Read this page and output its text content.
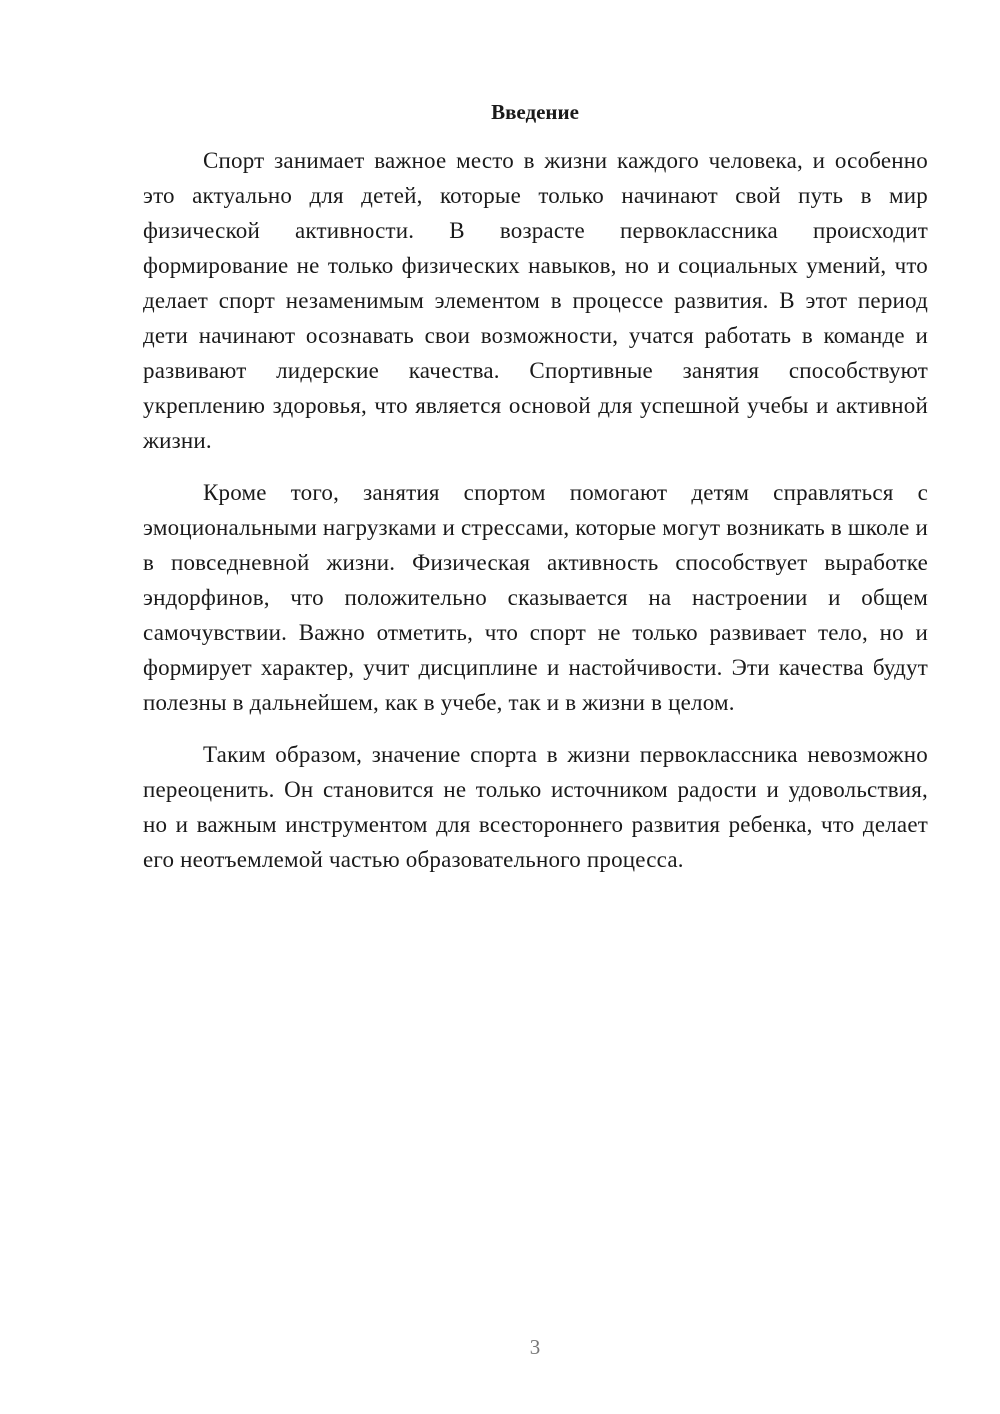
Введение

Спорт занимает важное место в жизни каждого человека, и особенно это актуально для детей, которые только начинают свой путь в мир физической активности. В возрасте первоклассника происходит формирование не только физических навыков, но и социальных умений, что делает спорт незаменимым элементом в процессе развития. В этот период дети начинают осознавать свои возможности, учатся работать в команде и развивают лидерские качества. Спортивные занятия способствуют укреплению здоровья, что является основой для успешной учебы и активной жизни.

Кроме того, занятия спортом помогают детям справляться с эмоциональными нагрузками и стрессами, которые могут возникать в школе и в повседневной жизни. Физическая активность способствует выработке эндорфинов, что положительно сказывается на настроении и общем самочувствии. Важно отметить, что спорт не только развивает тело, но и формирует характер, учит дисциплине и настойчивости. Эти качества будут полезны в дальнейшем, как в учебе, так и в жизни в целом.

Таким образом, значение спорта в жизни первоклассника невозможно переоценить. Он становится не только источником радости и удовольствия, но и важным инструментом для всестороннего развития ребенка, что делает его неотъемлемой частью образовательного процесса.

3
